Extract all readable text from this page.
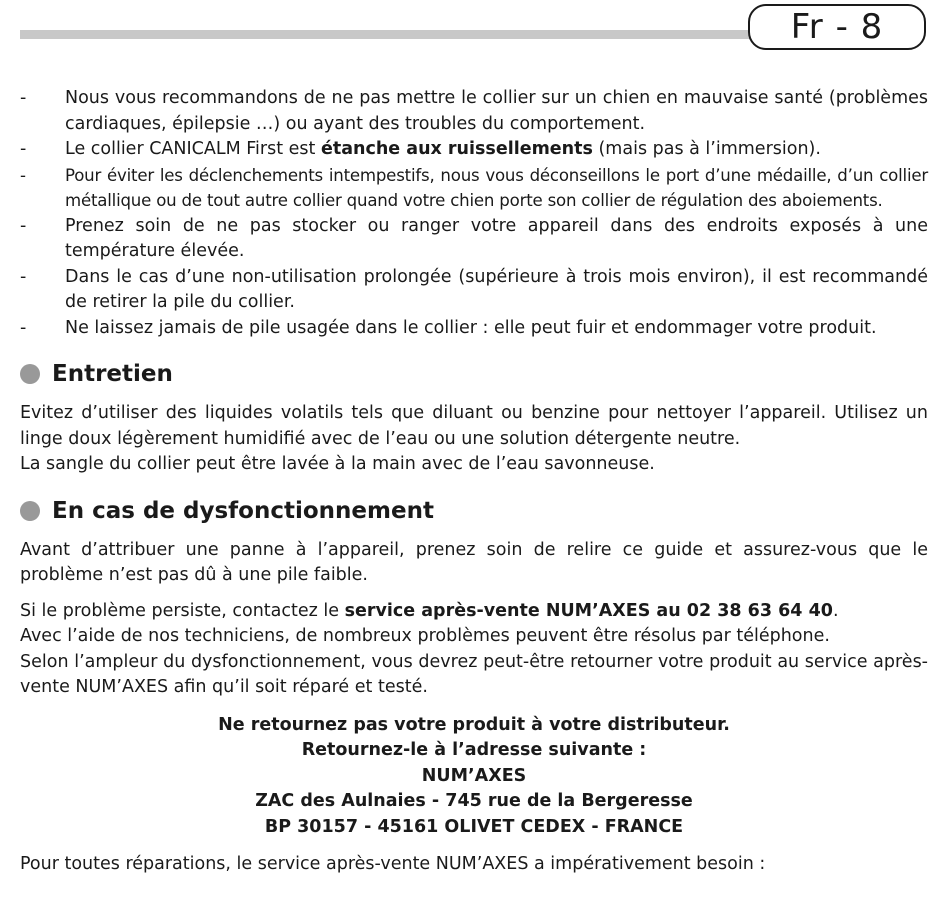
Fr - 8
- Nous vous recommandons de ne pas mettre le collier sur un chien en mauvaise santé (problèmes cardiaques, épilepsie …) ou ayant des troubles du comportement.
- Le collier CANICALM First est étanche aux ruissellements (mais pas à l’immersion).
- Pour éviter les déclenchements intempestifs, nous vous déconseillons le port d’une médaille, d’un collier métallique ou de tout autre collier quand votre chien porte son collier de régulation des aboiements.
- Prenez soin de ne pas stocker ou ranger votre appareil dans des endroits exposés à une température élevée.
- Dans le cas d’une non-utilisation prolongée (supérieure à trois mois environ), il est recommandé de retirer la pile du collier.
- Ne laissez jamais de pile usagée dans le collier : elle peut fuir et endommager votre produit.
Entretien

Evitez d’utiliser des liquides volatils tels que diluant ou benzine pour nettoyer l’appareil. Utilisez un linge doux légèrement humidifié avec de l’eau ou une solution détergente neutre.

La sangle du collier peut être lavée à la main avec de l’eau savonneuse.

En cas de dysfonctionnement

Avant d’attribuer une panne à l’appareil, prenez soin de relire ce guide et assurez-vous que le problème n’est pas dû à une pile faible.

Si le problème persiste, contactez le service après-vente NUM’AXES au 02 38 63 64 40.

Avec l’aide de nos techniciens, de nombreux problèmes peuvent être résolus par téléphone.

Selon l’ampleur du dysfonctionnement, vous devrez peut-être retourner votre produit au service après-vente NUM’AXES afin qu’il soit réparé et testé.

Ne retournez pas votre produit à votre distributeur.
Retournez-le à l’adresse suivante :
NUM’AXES
ZAC des Aulnaies - 745 rue de la Bergeresse
BP 30157 - 45161 OLIVET CEDEX - FRANCE

Pour toutes réparations, le service après-vente NUM’AXES a impérativement besoin :
